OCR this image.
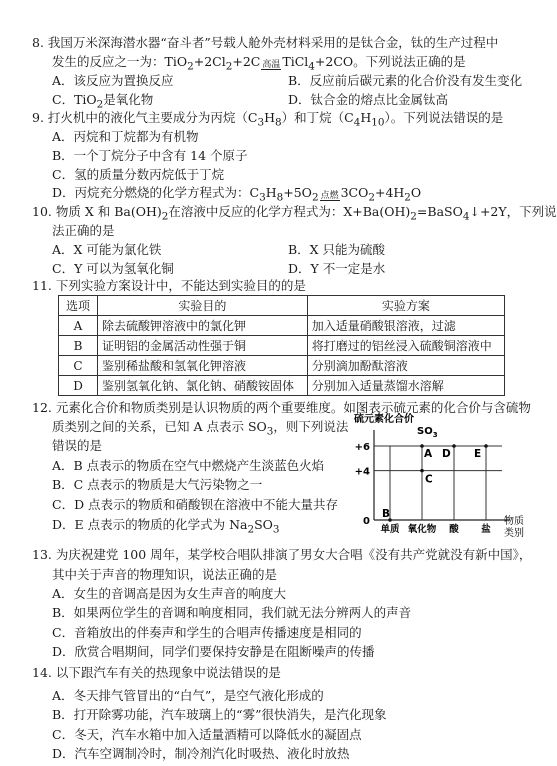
8. 我国万米深海潜水器“奋斗者”号载人舱外壳材料采用的是钛合金，钛的生产过程中
发生的反应之一为：$TiO_2+2Cl_2+2C$ 高温 TiCl$_4$+2CO。下列说法正确的是
A．该反应为置换反应	B．反应前后碳元素的化合价没有发生变化
C．TiO$_2$是氧化物	D．钛合金的熔点比金属钛高
9. 打火机中的液化气主要成分为丙烷$(C_3H_8)$和丁烷$(C_4H_{10})$。下列说法错误的是
A．丙烷和丁烷都为有机物
B．一个丁烷分子中含有 14 个原子
C．氢的质量分数丙烷低于丁烷
D．丙烷充分燃烧的化学方程式为：$C_3H_8+5O_2$ 点燃 $3CO_2+4H_2O$
10. 物质 X 和 $Ba(OH)_2$在溶液中反应的化学方程式为：$X+Ba(OH)_2=BaSO_4↓+2Y$，下列说
法正确的是
A．X 可能为氯化铁	B．X 只能为硫酸
C．Y 可以为氢氧化铜	D．Y 不一定是水
11. 下列实验方案设计中，不能达到实验目的的是
选项	实验目的	实验方案
A	除去硫酸钾溶液中的氯化钾	加入适量硝酸银溶液，过滤
B	证明铝的金属活动性强于铜	将打磨过的铝丝浸入硫酸铜溶液中
C	鉴别稀盐酸和氢氧化钾溶液	分别滴加酚酞溶液
D	鉴别氢氧化钠、氯化钠、硝酸铵固体	分别加入适量蒸馏水溶解
12. 元素化合价和物质类别是认识物质的两个重要维度。如图表示硫元素的化合价与含硫物
质类别之间的关系，已知 A 点表示 $SO_3$，则下列说法
错误的是
A．B 点表示的物质在空气中燃烧产生淡蓝色火焰
B．C 点表示的物质是大气污染物之一
C．D 点表示的物质和硝酸钡在溶液中不能大量共存
D．E 点表示的物质的化学式为 $Na_2SO_3$
硫元素化合价
0
+4
+6
单质 氧化物 酸 盐
B
C
A D E
$SO_3$
物质
类别
13. 为庆祝建党 100 周年，某学校合唱队排演了男女大合唱《没有共产党就没有新中国》，
其中关于声音的物理知识，说法正确的是
A．女生的音调高是因为女生声音的响度大
B．如果两位学生的音调和响度相同，我们就无法分辨两人的声音
C．音箱放出的伴奏声和学生的合唱声传播速度是相同的
D．欣赏合唱期间，同学们要保持安静是在阻断噪声的传播
14. 以下跟汽车有关的热现象中说法错误的是
A．冬天排气管冒出的“白气”，是空气液化形成的
B．打开除雾功能，汽车玻璃上的“雾”很快消失，是汽化现象
C．冬天，汽车水箱中加入适量酒精可以降低水的凝固点
D．汽车空调制冷时，制冷剂汽化时吸热、液化时放热
